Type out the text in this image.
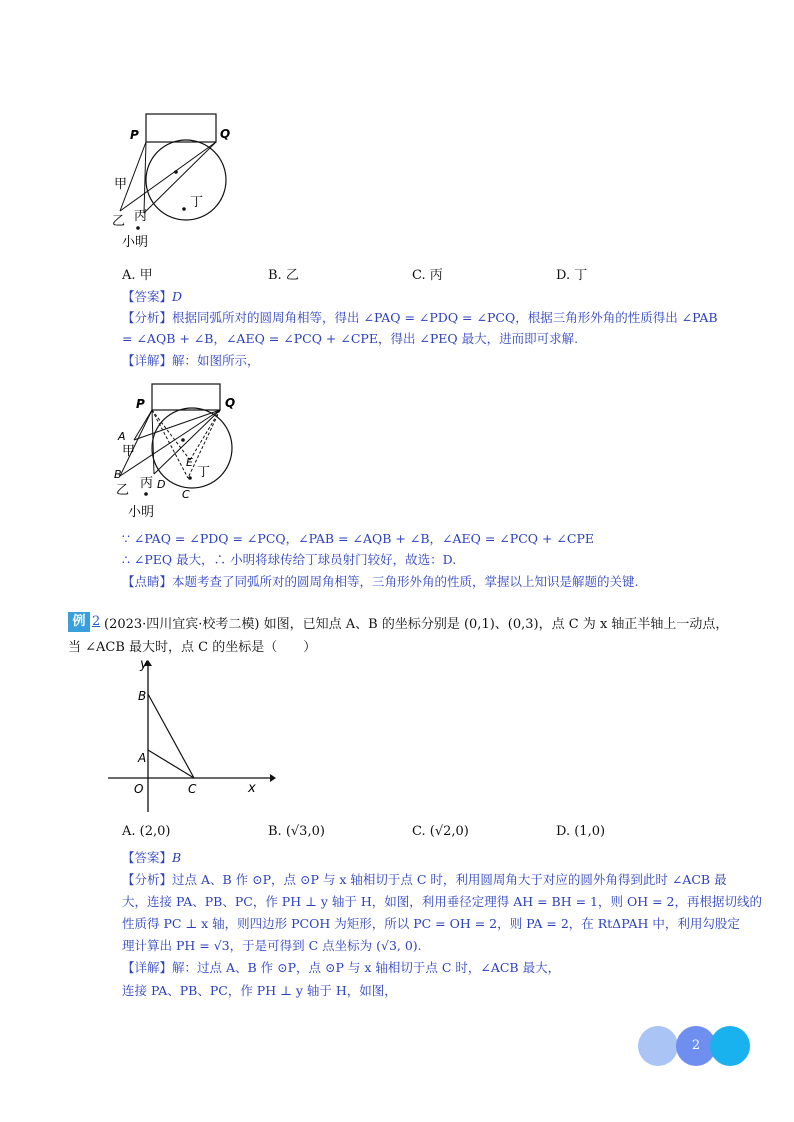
P	Q
甲
乙 丙
丁
小明
A. 甲	B. 乙	C. 丙	D. 丁
【答案】D
【分析】根据同弧所对的圆周角相等，得出 ∠PAQ = ∠PDQ = ∠PCQ，根据三角形外角的性质得出 ∠PAB
= ∠AQB + ∠B，∠AEQ = ∠PCQ + ∠CPE，得出 ∠PEQ 最大，进而即可求解.
【详解】解：如图所示，
P	Q
A
甲
B
乙 丙 D
E
丁
C
小明
∵ ∠PAQ = ∠PDQ = ∠PCQ，∠PAB = ∠AQB + ∠B，∠AEQ = ∠PCQ + ∠CPE
∴ ∠PEQ 最大，∴ 小明将球传给丁球员射门较好，故选：D.
【点睛】本题考查了同弧所对的圆周角相等，三角形外角的性质，掌握以上知识是解题的关键.
例 2 (2023·四川宜宾·校考二模) 如图，已知点 A、B 的坐标分别是 (0,1)、(0,3)，点 C 为 x 轴正半轴上一动点，
当 ∠ACB 最大时，点 C 的坐标是（　　）
y
x
B
A
O	C
A. (2,0)	B. (√3,0)	C. (√2,0)	D. (1,0)
【答案】B
【分析】过点 A、B 作 ⊙P，点 ⊙P 与 x 轴相切于点 C 时，利用圆周角大于对应的圆外角得到此时 ∠ACB 最
大，连接 PA、PB、PC，作 PH ⊥ y 轴于 H，如图，利用垂径定理得 AH = BH = 1，则 OH = 2，再根据切线的
性质得 PC ⊥ x 轴，则四边形 PCOH 为矩形，所以 PC = OH = 2，则 PA = 2，在 RtΔPAH 中，利用勾股定
理计算出 PH = √3，于是可得到 C 点坐标为 (√3, 0).
【详解】解：过点 A、B 作 ⊙P，点 ⊙P 与 x 轴相切于点 C 时，∠ACB 最大，
连接 PA、PB、PC，作 PH ⊥ y 轴于 H，如图，
2
